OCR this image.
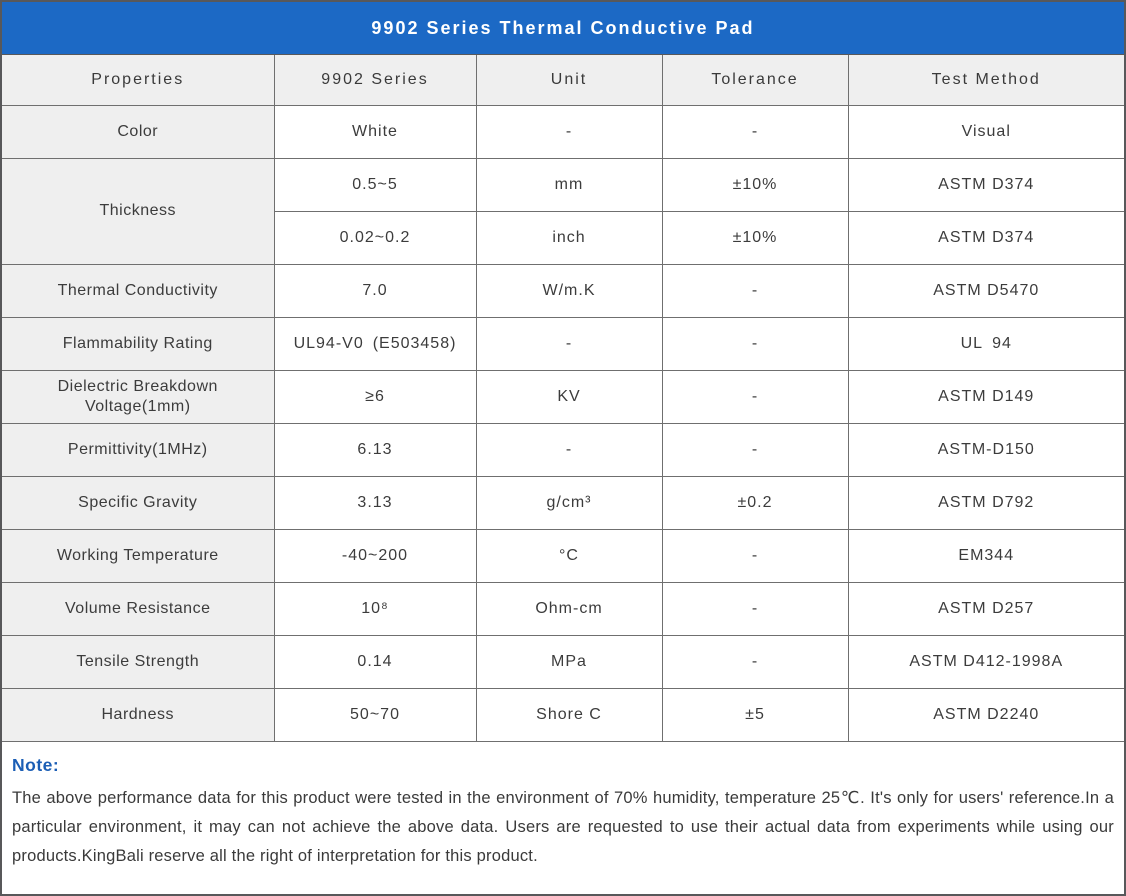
9902 Series Thermal Conductive Pad
Properties	9902 Series	Unit	Tolerance	Test Method
Color	White	-	-	Visual
Thickness	0.5~5	mm	±10%	ASTM D374
	0.02~0.2	inch	±10%	ASTM D374
Thermal Conductivity	7.0	W/m.K	-	ASTM D5470
Flammability Rating	UL94-V0 (E503458)	-	-	UL 94
Dielectric Breakdown Voltage(1mm)	≥6	KV	-	ASTM D149
Permittivity(1MHz)	6.13	-	-	ASTM-D150
Specific Gravity	3.13	g/cm³	±0.2	ASTM D792
Working Temperature	-40~200	°C	-	EM344
Volume Resistance	10⁸	Ohm-cm	-	ASTM D257
Tensile Strength	0.14	MPa	-	ASTM D412-1998A
Hardness	50~70	Shore C	±5	ASTM D2240
Note:
The above performance data for this product were tested in the environment of 70% humidity, temperature 25℃. It's only for users' reference.In a particular environment, it may can not achieve the above data. Users are requested to use their actual data from experiments while using our products.KingBali reserve all the right of interpretation for this product.
